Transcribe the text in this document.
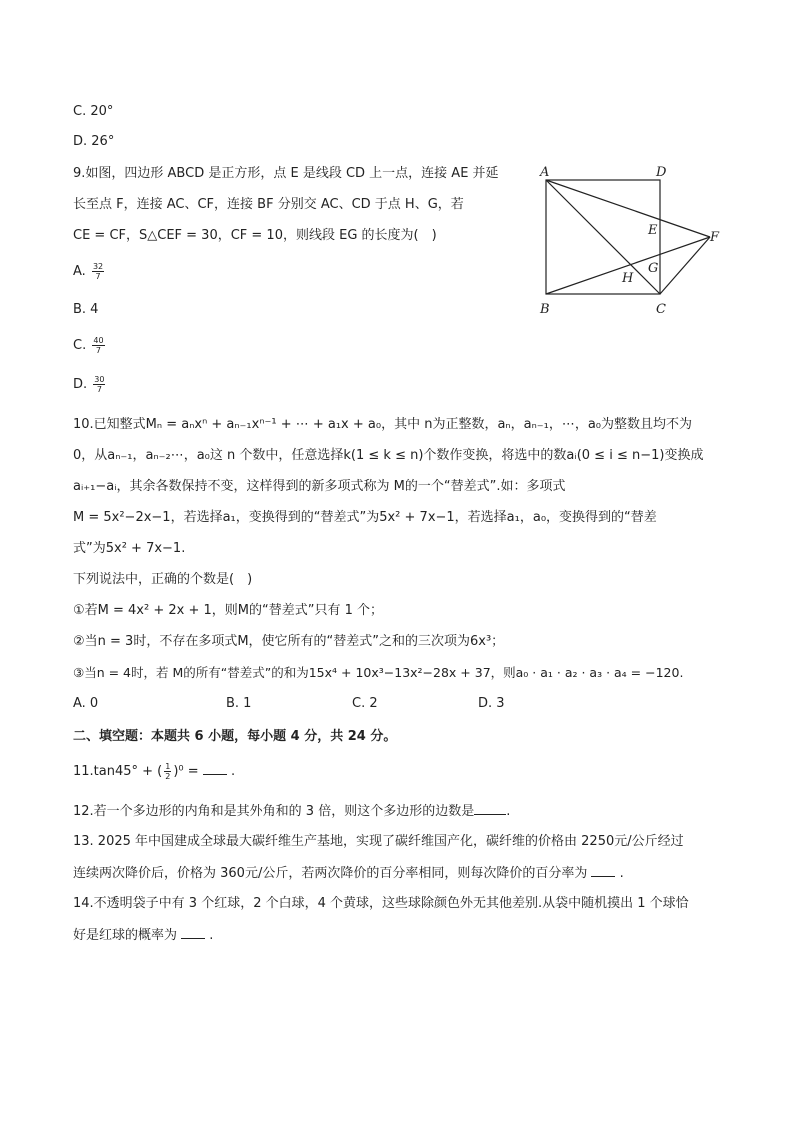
C. 20°
D. 26°
9.如图，四边形 ABCD 是正方形，点 E 是线段 CD 上一点，连接 AE 并延
长至点 F，连接 AC、CF，连接 BF 分别交 AC、CD 于点 H、G，若
CE = CF，S△CEF = 30，CF = 10，则线段 EG 的长度为(　)
A. $\frac{32}{7}$
B. 4
C. $\frac{40}{7}$
D. $\frac{30}{7}$
A	D
B	C
E	F
G
H
10.已知整式Mₙ = aₙxⁿ + aₙ₋₁xⁿ⁻¹ + ⋯ + a₁x + a₀，其中 n为正整数，aₙ，aₙ₋₁，⋯，a₀为整数且均不为
0，从aₙ₋₁，aₙ₋₂⋯，a₀这 n 个数中，任意选择k(1 ≤ k ≤ n)个数作变换，将选中的数aᵢ(0 ≤ i ≤ n−1)变换成
aᵢ₊₁−aᵢ，其余各数保持不变，这样得到的新多项式称为 M的一个“替差式”.如：多项式
M = 5x²−2x−1，若选择a₁，变换得到的“替差式”为5x² + 7x−1，若选择a₁，a₀，变换得到的“替差
式”为5x² + 7x−1.
下列说法中，正确的个数是(　)
①若M = 4x² + 2x + 1，则M的“替差式”只有 1 个；
②当n = 3时，不存在多项式M，使它所有的“替差式”之和的三次项为6x³；
③当n = 4时，若 M的所有“替差式”的和为15x⁴ + 10x³−13x²−28x + 37，则a₀ · a₁ · a₂ · a₃ · a₄ = −120.
A. 0	B. 1	C. 2	D. 3
二、填空题：本题共 6 小题，每小题 4 分，共 24 分。
11.tan45° + ( $\frac{1}{2} )^0$ = .
12.若一个多边形的内角和是其外角和的 3 倍，则这个多边形的边数是 .
13. 2025 年中国建成全球最大碳纤维生产基地，实现了碳纤维国产化，碳纤维的价格由 2250元/公斤经过
连续两次降价后，价格为 360元/公斤，若两次降价的百分率相同，则每次降价的百分率为 .
14.不透明袋子中有 3 个红球，2 个白球，4 个黄球，这些球除颜色外无其他差别.从袋中随机摸出 1 个球恰
好是红球的概率为 .
